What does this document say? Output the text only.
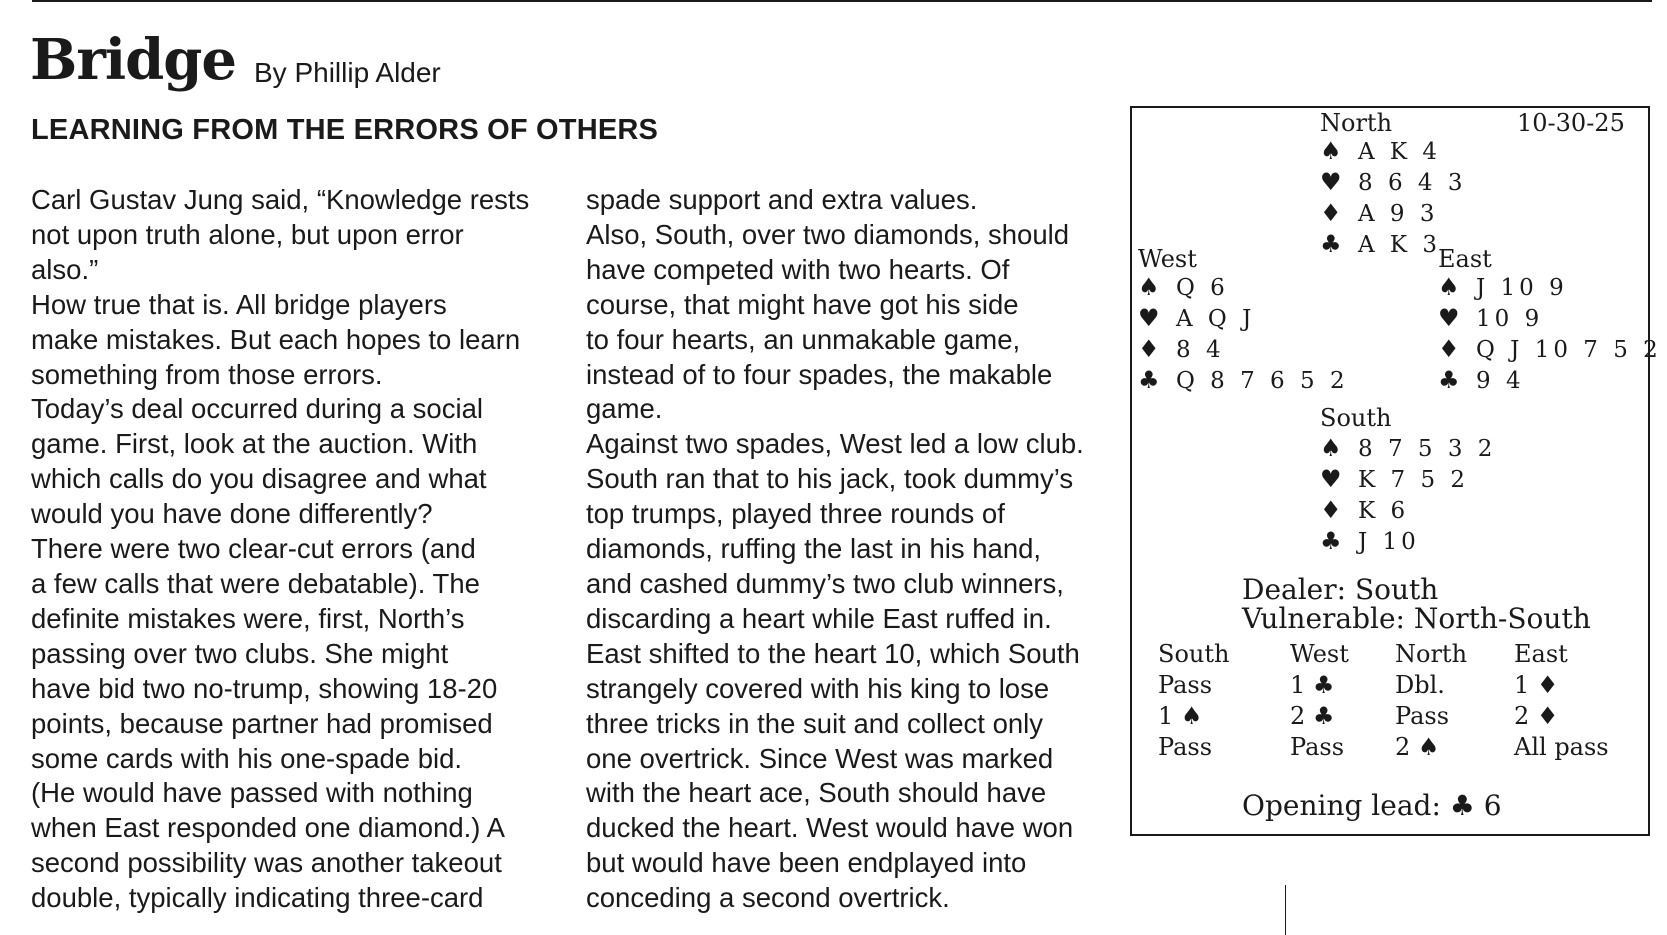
Bridge By Phillip Alder
LEARNING FROM THE ERRORS OF OTHERS
Carl Gustav Jung said, “Knowledge rests
not upon truth alone, but upon error
also.”
How true that is. All bridge players
make mistakes. But each hopes to learn
something from those errors.
Today’s deal occurred during a social
game. First, look at the auction. With
which calls do you disagree and what
would you have done differently?
There were two clear-cut errors (and
a few calls that were debatable). The
definite mistakes were, first, North’s
passing over two clubs. She might
have bid two no-trump, showing 18-20
points, because partner had promised
some cards with his one-spade bid.
(He would have passed with nothing
when East responded one diamond.) A
second possibility was another takeout
double, typically indicating three-card
spade support and extra values.
Also, South, over two diamonds, should
have competed with two hearts. Of
course, that might have got his side
to four hearts, an unmakable game,
instead of to four spades, the makable
game.
Against two spades, West led a low club.
South ran that to his jack, took dummy’s
top trumps, played three rounds of
diamonds, ruffing the last in his hand,
and cashed dummy’s two club winners,
discarding a heart while East ruffed in.
East shifted to the heart 10, which South
strangely covered with his king to lose
three tricks in the suit and collect only
one overtrick. Since West was marked
with the heart ace, South should have
ducked the heart. West would have won
but would have been endplayed into
conceding a second overtrick.
North	10-30-25
♠ A K 4
♥ 8 6 4 3
♦ A 9 3
♣ A K 3
West	East
♠ Q 6
♥ A Q J
♦ 8 4
♣ Q 8 7 6 5 2
♠ J 10 9
♥ 10 9
♦ Q J 10 7 5 2
♣ 9 4
South
♠ 8 7 5 3 2
♥ K 7 5 2
♦ K 6
♣ J 10
Dealer: South
Vulnerable: North-South
South
Pass
1 ♠
Pass
West
1 ♣
2 ♣
Pass
North
Dbl.
Pass
2 ♠
East
1 ♦
2 ♦
All pass
Opening lead: ♣ 6
